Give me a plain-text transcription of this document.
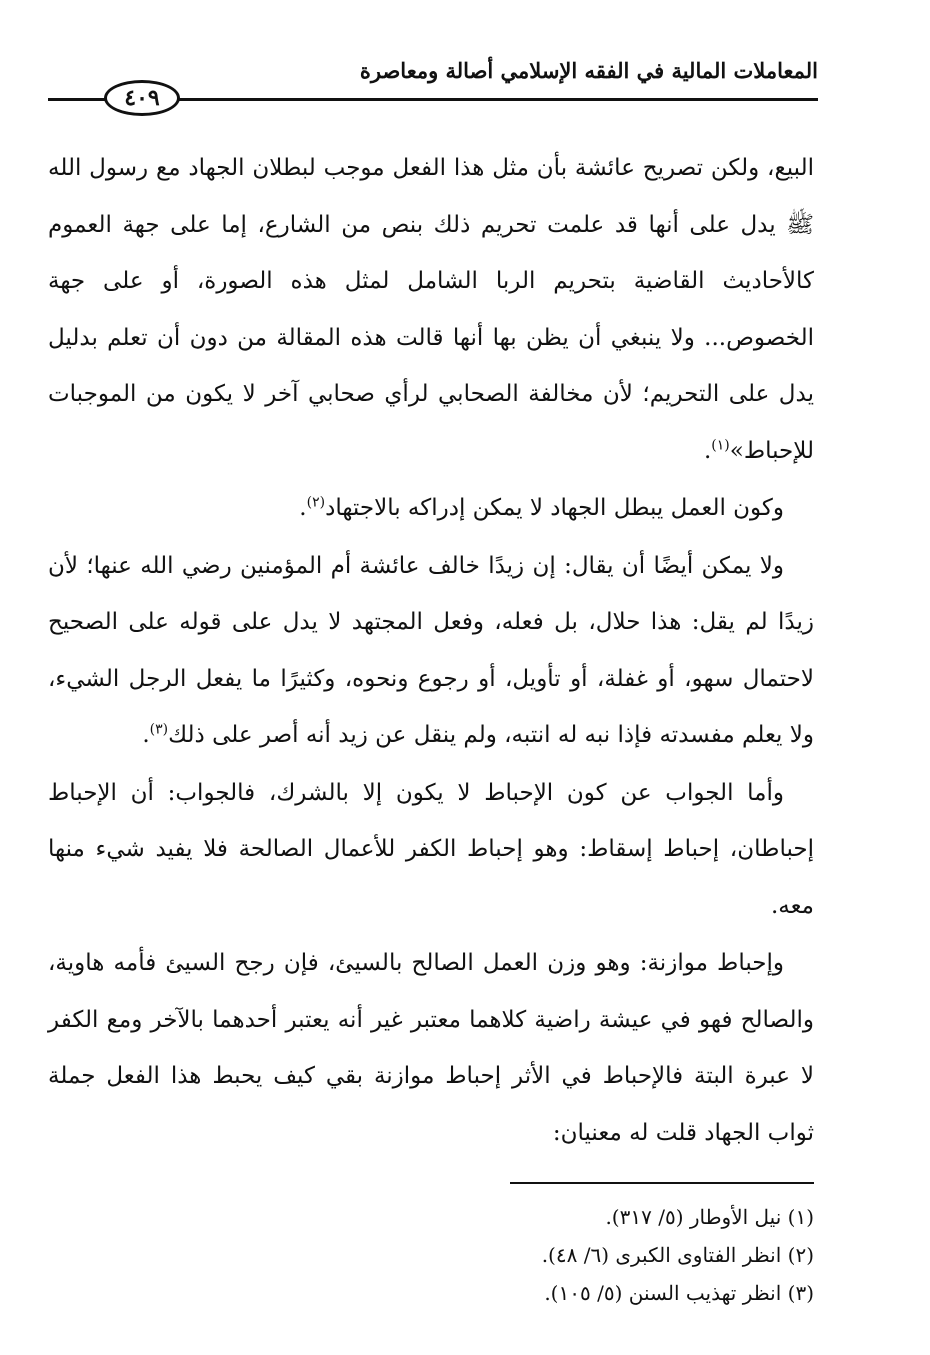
المعاملات المالية في الفقه الإسلامي أصالة ومعاصرة
٤٠٩

البيع، ولكن تصريح عائشة بأن مثل هذا الفعل موجب لبطلان الجهاد مع رسول الله ﷺ يدل على أنها قد علمت تحريم ذلك بنص من الشارع، إما على جهة العموم كالأحاديث القاضية بتحريم الربا الشامل لمثل هذه الصورة، أو على جهة الخصوص... ولا ينبغي أن يظن بها أنها قالت هذه المقالة من دون أن تعلم بدليل يدل على التحريم؛ لأن مخالفة الصحابي لرأي صحابي آخر لا يكون من الموجبات للإحباط»$^{(١)}$.

وكون العمل يبطل الجهاد لا يمكن إدراكه بالاجتهاد$^{(٢)}$.

ولا يمكن أيضًا أن يقال: إن زيدًا خالف عائشة أم المؤمنين رضي الله عنها؛ لأن زيدًا لم يقل: هذا حلال، بل فعله، وفعل المجتهد لا يدل على قوله على الصحيح لاحتمال سهو، أو غفلة، أو تأويل، أو رجوع ونحوه، وكثيرًا ما يفعل الرجل الشيء، ولا يعلم مفسدته فإذا نبه له انتبه، ولم ينقل عن زيد أنه أصر على ذلك$^{(٣)}$.

وأما الجواب عن كون الإحباط لا يكون إلا بالشرك، فالجواب: أن الإحباط إحباطان، إحباط إسقاط: وهو إحباط الكفر للأعمال الصالحة فلا يفيد شيء منها معه.

وإحباط موازنة: وهو وزن العمل الصالح بالسيئ، فإن رجح السيئ فأمه هاوية، والصالح فهو في عيشة راضية كلاهما معتبر غير أنه يعتبر أحدهما بالآخر ومع الكفر لا عبرة البتة فالإحباط في الأثر إحباط موازنة بقي كيف يحبط هذا الفعل جملة ثواب الجهاد قلت له معنيان:

(١) نيل الأوطار (٥/ ٣١٧).
(٢) انظر الفتاوى الكبرى (٦/ ٤٨).
(٣) انظر تهذيب السنن (٥/ ١٠٥).
